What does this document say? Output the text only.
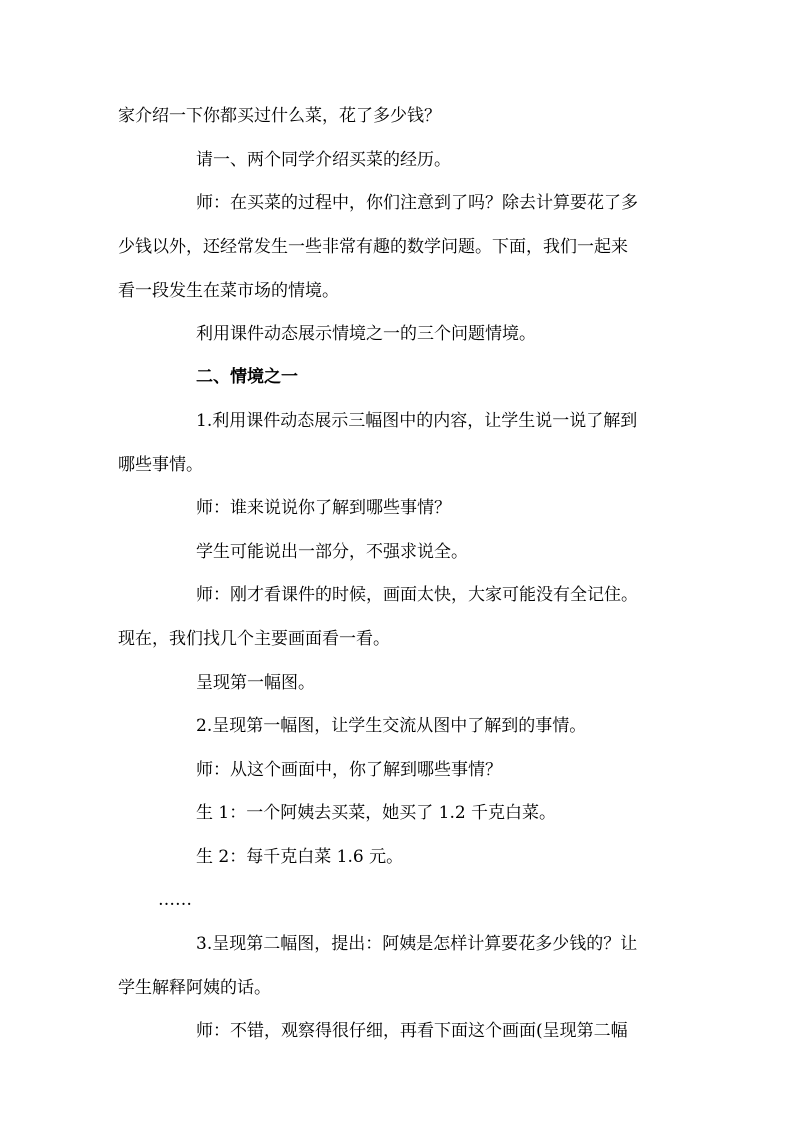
家介绍一下你都买过什么菜，花了多少钱？
请一、两个同学介绍买菜的经历。
师：在买菜的过程中，你们注意到了吗？除去计算要花了多
少钱以外，还经常发生一些非常有趣的数学问题。下面，我们一起来
看一段发生在菜市场的情境。
利用课件动态展示情境之一的三个问题情境。
二、情境之一
1.利用课件动态展示三幅图中的内容，让学生说一说了解到
哪些事情。
师：谁来说说你了解到哪些事情？
学生可能说出一部分，不强求说全。
师：刚才看课件的时候，画面太快，大家可能没有全记住。
现在，我们找几个主要画面看一看。
呈现第一幅图。
2.呈现第一幅图，让学生交流从图中了解到的事情。
师：从这个画面中，你了解到哪些事情？
生 1：一个阿姨去买菜，她买了 1.2 千克白菜。
生 2：每千克白菜 1.6 元。
……
3.呈现第二幅图，提出：阿姨是怎样计算要花多少钱的？让
学生解释阿姨的话。
师：不错，观察得很仔细，再看下面这个画面(呈现第二幅
